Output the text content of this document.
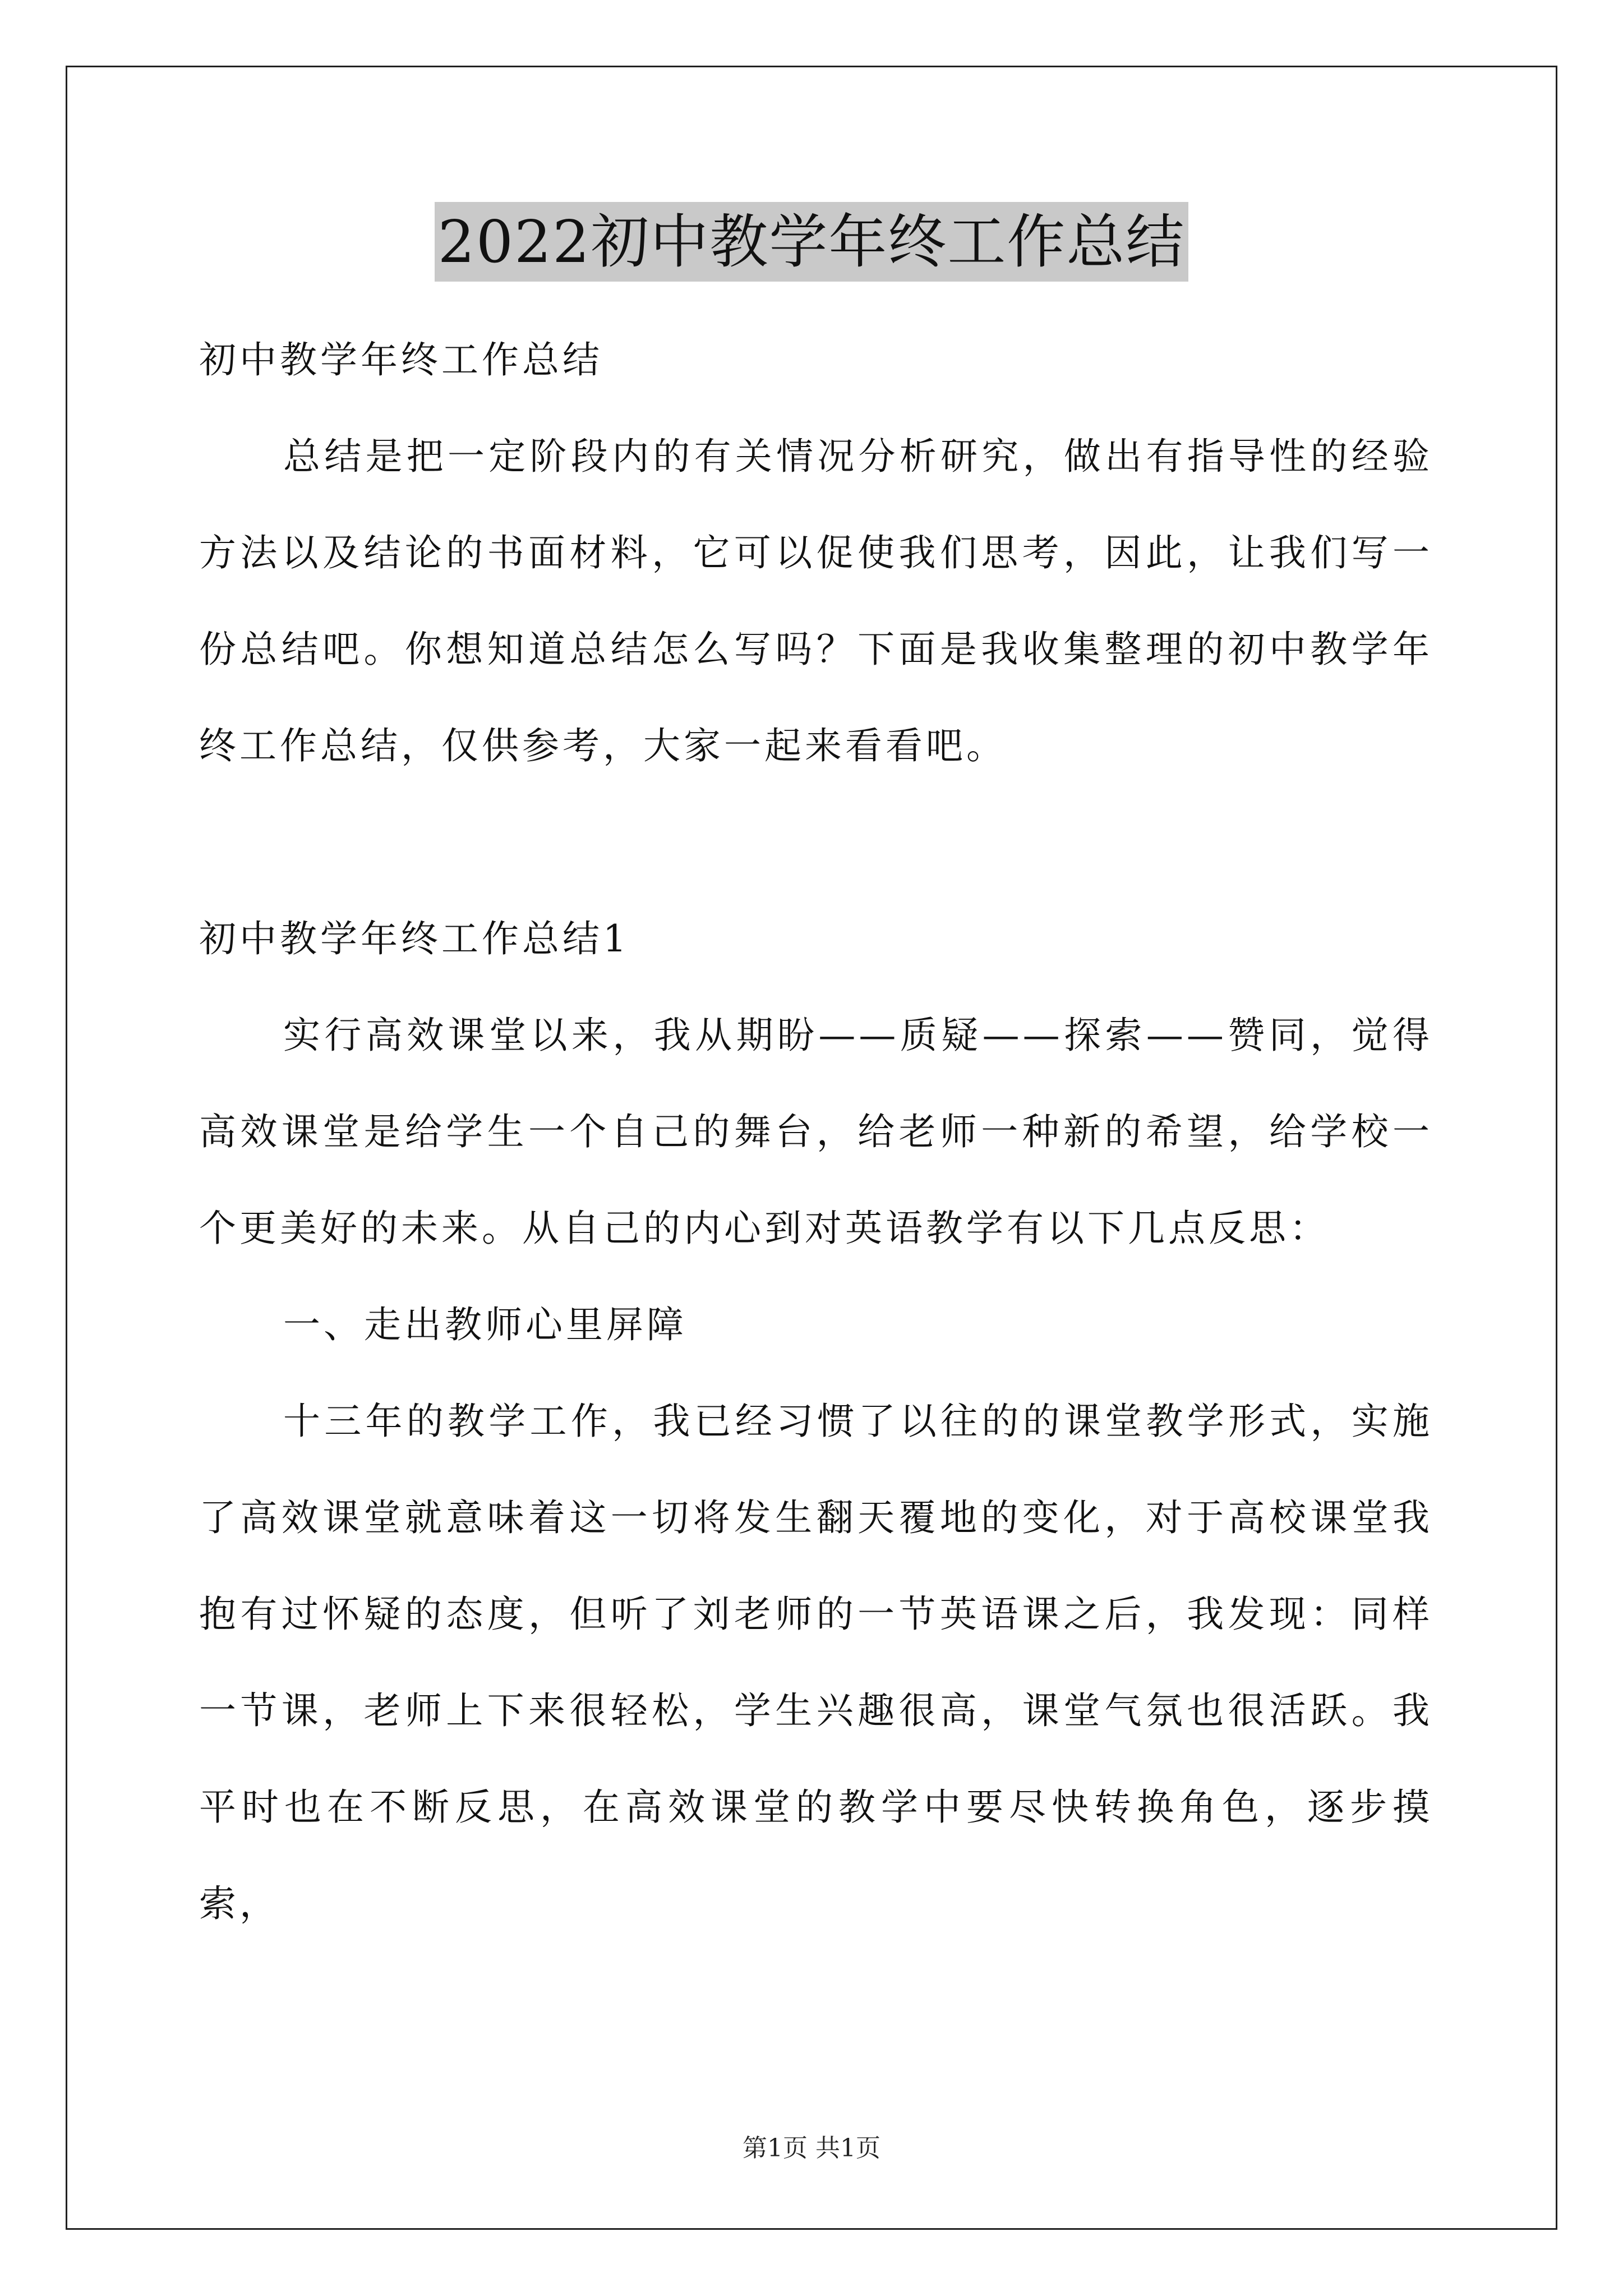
2022初中教学年终工作总结

初中教学年终工作总结

总结是把一定阶段内的有关情况分析研究，做出有指导性的经验方法以及结论的书面材料，它可以促使我们思考，因此，让我们写一份总结吧。你想知道总结怎么写吗？下面是我收集整理的初中教学年终工作总结，仅供参考，大家一起来看看吧。

初中教学年终工作总结1

实行高效课堂以来，我从期盼——质疑——探索——赞同，觉得高效课堂是给学生一个自己的舞台，给老师一种新的希望，给学校一个更美好的未来。从自己的内心到对英语教学有以下几点反思：

一、走出教师心里屏障

十三年的教学工作，我已经习惯了以往的的课堂教学形式，实施了高效课堂就意味着这一切将发生翻天覆地的变化，对于高校课堂我抱有过怀疑的态度，但听了刘老师的一节英语课之后，我发现：同样一节课，老师上下来很轻松，学生兴趣很高，课堂气氛也很活跃。我平时也在不断反思，在高效课堂的教学中要尽快转换角色，逐步摸索，

第1页 共1页
